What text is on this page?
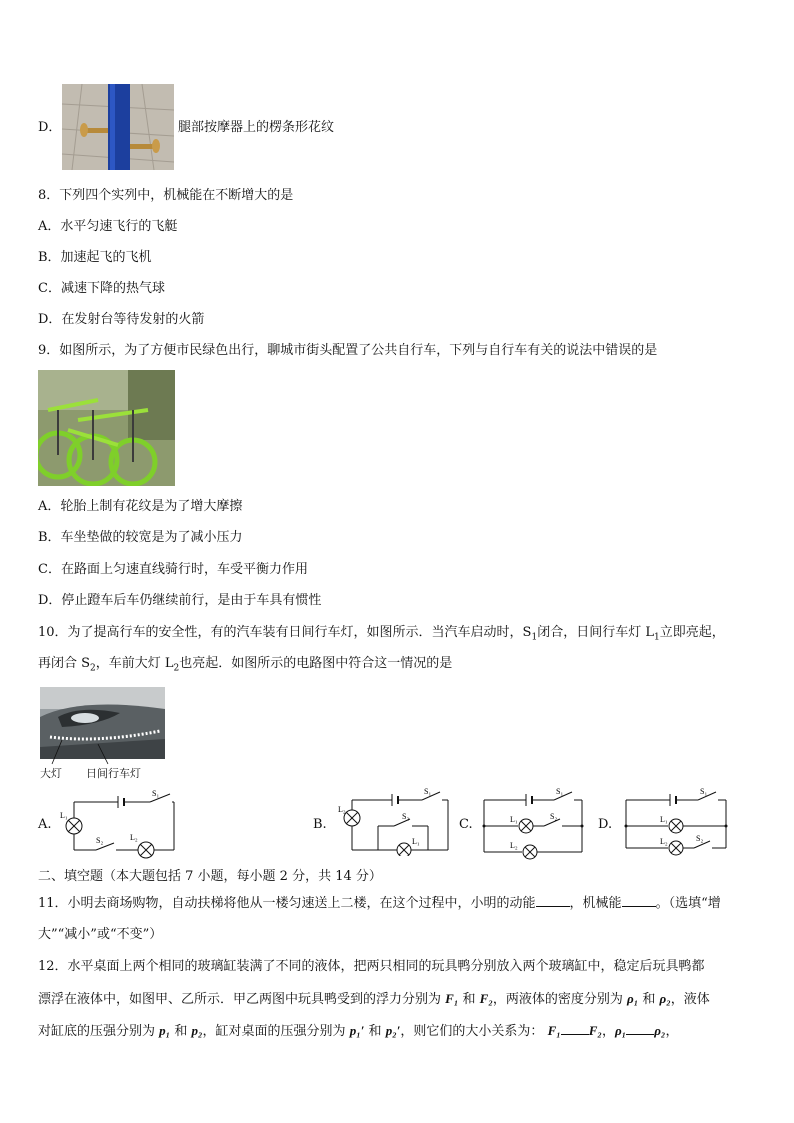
D．	腿部按摩器上的楞条形花纹
8．下列四个实列中，机械能在不断增大的是
A．水平匀速飞行的飞艇
B．加速起飞的飞机
C．减速下降的热气球
D．在发射台等待发射的火箭
9．如图所示，为了方便市民绿色出行，聊城市街头配置了公共自行车，下列与自行车有关的说法中错误的是
A．轮胎上制有花纹是为了增大摩擦
B．车坐垫做的较宽是为了减小压力
C．在路面上匀速直线骑行时，车受平衡力作用
D．停止蹬车后车仍继续前行，是由于车具有惯性
10．为了提高行车的安全性，有的汽车装有日间行车灯，如图所示．当汽车启动时，$S_1$闭合，日间行车灯 $L_1$立即亮起，
再闭合 $S_2$，车前大灯 $L_2$也亮起．如图所示的电路图中符合这一情况的是
大灯 日间行车灯
A.	B.	C.	D.
S₁
L₁
S₂	L₂
S₁
L₂
S₂
L₁
S₁
L₁	S₂
L₂
S₁
L₁
L₂	S₂
二、填空题（本大题包括 7 小题，每小题 2 分，共 14 分）
11．小明去商场购物，自动扶梯将他从一楼匀速送上二楼，在这个过程中，小明的动能	，机械能	。（选填“增
大”“减小”或“不变”）
12．水平桌面上两个相同的玻璃缸装满了不同的液体，把两只相同的玩具鸭分别放入两个玻璃缸中，稳定后玩具鸭都
漂浮在液体中，如图甲、乙所示．甲乙两图中玩具鸭受到的浮力分别为 F₁ 和 F₂，两液体的密度分别为 ρ₁ 和 ρ₂，液体
对缸底的压强分别为 p₁ 和 p₂，缸对桌面的压强分别为 p₁′ 和 p₂′，则它们的大小关系为： F₁ F₂，ρ₁ ρ₂，
